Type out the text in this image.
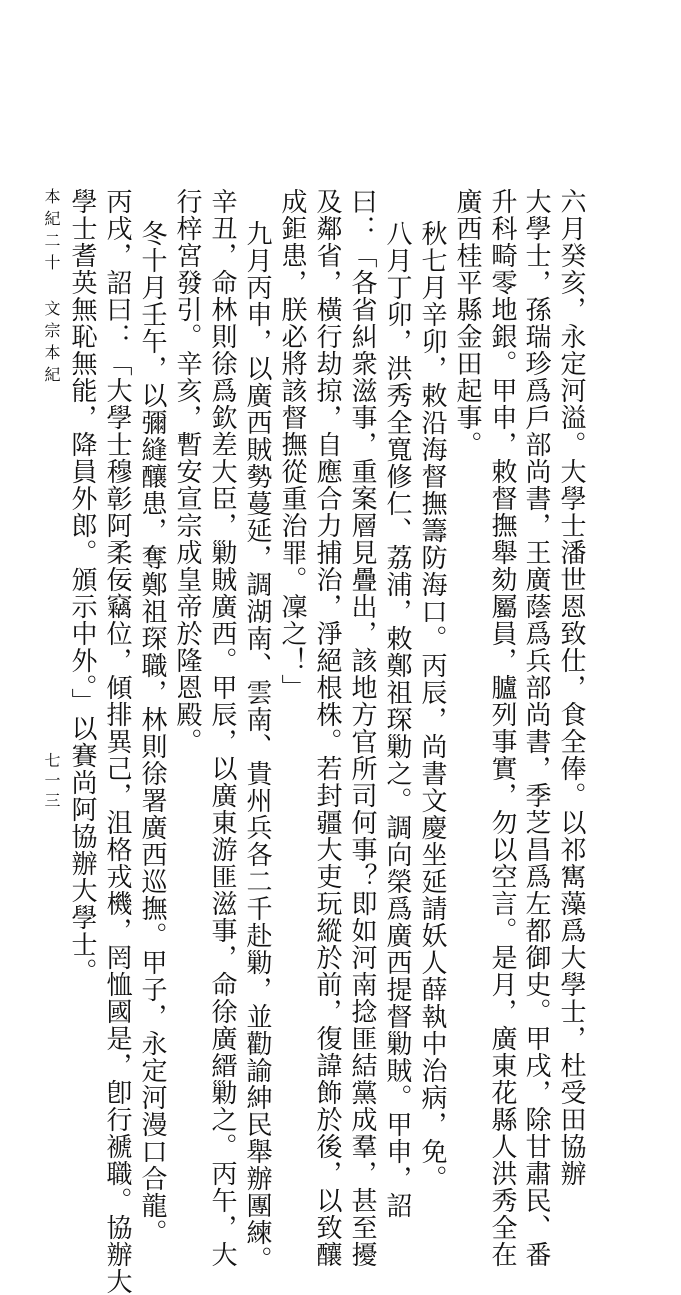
六月癸亥，永定河溢。大學士潘世恩致仕，食全俸。以祁寯藻爲大學士，杜受田協辦
大學士，孫瑞珍爲戶部尚書，王廣蔭爲兵部尚書，季芝昌爲左都御史。甲戌，除甘肅民、番
升科畸零地銀。甲申，敕督撫舉劾屬員，臚列事實，勿以空言。是月，廣東花縣人洪秀全在
廣西桂平縣金田起事。
秋七月辛卯，敕沿海督撫籌防海口。丙辰，尚書文慶坐延請妖人薛執中治病，免。
八月丁卯，洪秀全寬修仁、荔浦，敕鄭祖琛勦之。調向榮爲廣西提督勦賊。甲申，詔
曰：「各省糾衆滋事，重案層見疊出，該地方官所司何事？即如河南捻匪結黨成羣，甚至擾
及鄰省，橫行劫掠，自應合力捕治，淨絕根株。若封疆大吏玩縱於前，復諱飾於後，以致釀
成鉅患，朕必將該督撫從重治罪。凜之！」
九月丙申，以廣西賊勢蔓延，調湖南、雲南、貴州兵各二千赴勦，並勸諭紳民舉辦團練。
辛丑，命林則徐爲欽差大臣，勦賊廣西。甲辰，以廣東游匪滋事，命徐廣縉勦之。丙午，大
行梓宮發引。辛亥，暫安宣宗成皇帝於隆恩殿。
冬十月壬午，以彌縫釀患，奪鄭祖琛職，林則徐署廣西巡撫。甲子，永定河漫口合龍。
丙戌，詔曰：「大學士穆彰阿柔佞竊位，傾排異己，沮格戎機，罔恤國是，卽行褫職。協辦大
學士耆英無恥無能，降員外郎。頒示中外。」以賽尚阿協辦大學士。
本紀二十
文宗本紀
七一三
